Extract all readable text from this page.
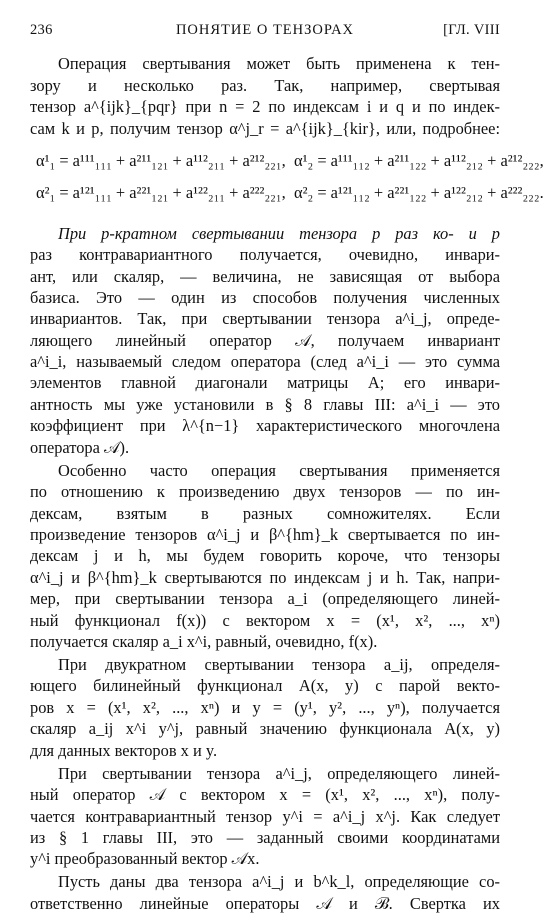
236	ПОНЯТИЕ О ТЕНЗОРАХ	[ГЛ. VIII
Операция свертывания может быть применена к тен-
зору и несколько раз. Так, например, свертывая
тензор a^{ijk}_{pqr} при n = 2 по индексам i и q и по индек-
сам k и p, получим тензор α^j_r = a^{ijk}_{kir}, или, подробнее:
α¹₁ = a¹¹¹₁₁₁ + a²¹¹₁₂₁ + a¹¹²₂₁₁ + a²¹²₂₂₁, α¹₂ = a¹¹¹₁₁₂ + a²¹¹₁₂₂ + a¹¹²₂₁₂ + a²¹²₂₂₂,
α²₁ = a¹²¹₁₁₁ + a²²¹₁₂₁ + a¹²²₂₁₁ + a²²²₂₂₁, α²₂ = a¹²¹₁₁₂ + a²²¹₁₂₂ + a¹²²₂₁₂ + a²²²₂₂₂.
При p-кратном свертывании тензора p раз ко- и p
раз контравариантного получается, очевидно, инвари-
ант, или скаляр, — величина, не зависящая от выбора
базиса. Это — один из способов получения численных
инвариантов. Так, при свертывании тензора a^i_j, опреде-
ляющего линейный оператор 𝒜, получаем инвариант
a^i_i, называемый следом оператора (след a^i_i — это сумма
элементов главной диагонали матрицы A; его инвари-
антность мы уже установили в § 8 главы III: a^i_i — это
коэффициент при λ^{n−1} характеристического многочлена
оператора 𝒜).
Особенно часто операция свертывания применяется
по отношению к произведению двух тензоров — по ин-
дексам, взятым в разных сомножителях. Если
произведение тензоров α^i_j и β^{hm}_k свертывается по ин-
дексам j и h, мы будем говорить короче, что тензоры
α^i_j и β^{hm}_k свертываются по индексам j и h. Так, напри-
мер, при свертывании тензора a_i (определяющего линей-
ный функционал f(x)) с вектором x = (x¹, x², ..., xⁿ)
получается скаляр a_i x^i, равный, очевидно, f(x).
При двукратном свертывании тензора a_ij, определя-
ющего билинейный функционал A(x, y) с парой векто-
ров x = (x¹, x², ..., xⁿ) и y = (y¹, y², ..., yⁿ), получается
скаляр a_ij x^i y^j, равный значению функционала A(x, y)
для данных векторов x и y.
При свертывании тензора a^i_j, определяющего линей-
ный оператор 𝒜 с вектором x = (x¹, x², ..., xⁿ), полу-
чается контравариантный тензор y^i = a^i_j x^j. Как следует
из § 1 главы III, это — заданный своими координатами
y^i преобразованный вектор 𝒜x.
Пусть даны два тензора a^i_j и b^k_l, определяющие со-
ответственно линейные операторы 𝒜 и ℬ. Свертка их
